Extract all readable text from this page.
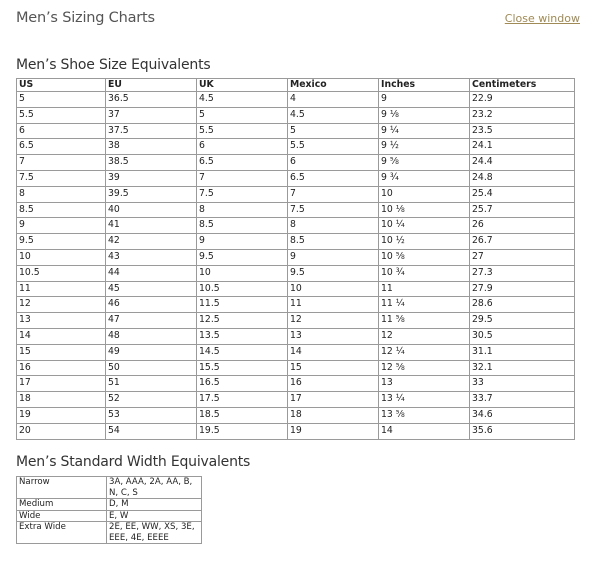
Men’s Sizing Charts	Close window
Men’s Shoe Size Equivalents
US	EU	UK	Mexico	Inches	Centimeters
5	36.5	4.5	4	9	22.9
5.5	37	5	4.5	9 ⅛	23.2
6	37.5	5.5	5	9 ¼	23.5
6.5	38	6	5.5	9 ½	24.1
7	38.5	6.5	6	9 ⅝	24.4
7.5	39	7	6.5	9 ¾	24.8
8	39.5	7.5	7	10	25.4
8.5	40	8	7.5	10 ⅛	25.7
9	41	8.5	8	10 ¼	26
9.5	42	9	8.5	10 ½	26.7
10	43	9.5	9	10 ⅝	27
10.5	44	10	9.5	10 ¾	27.3
11	45	10.5	10	11	27.9
12	46	11.5	11	11 ¼	28.6
13	47	12.5	12	11 ⅝	29.5
14	48	13.5	13	12	30.5
15	49	14.5	14	12 ¼	31.1
16	50	15.5	15	12 ⅝	32.1
17	51	16.5	16	13	33
18	52	17.5	17	13 ¼	33.7
19	53	18.5	18	13 ⅝	34.6
20	54	19.5	19	14	35.6
Men’s Standard Width Equivalents
Narrow	3A, AAA, 2A, AA, B, N, C, S
Medium	D, M
Wide	E, W
Extra Wide	2E, EE, WW, XS, 3E, EEE, 4E, EEEE
